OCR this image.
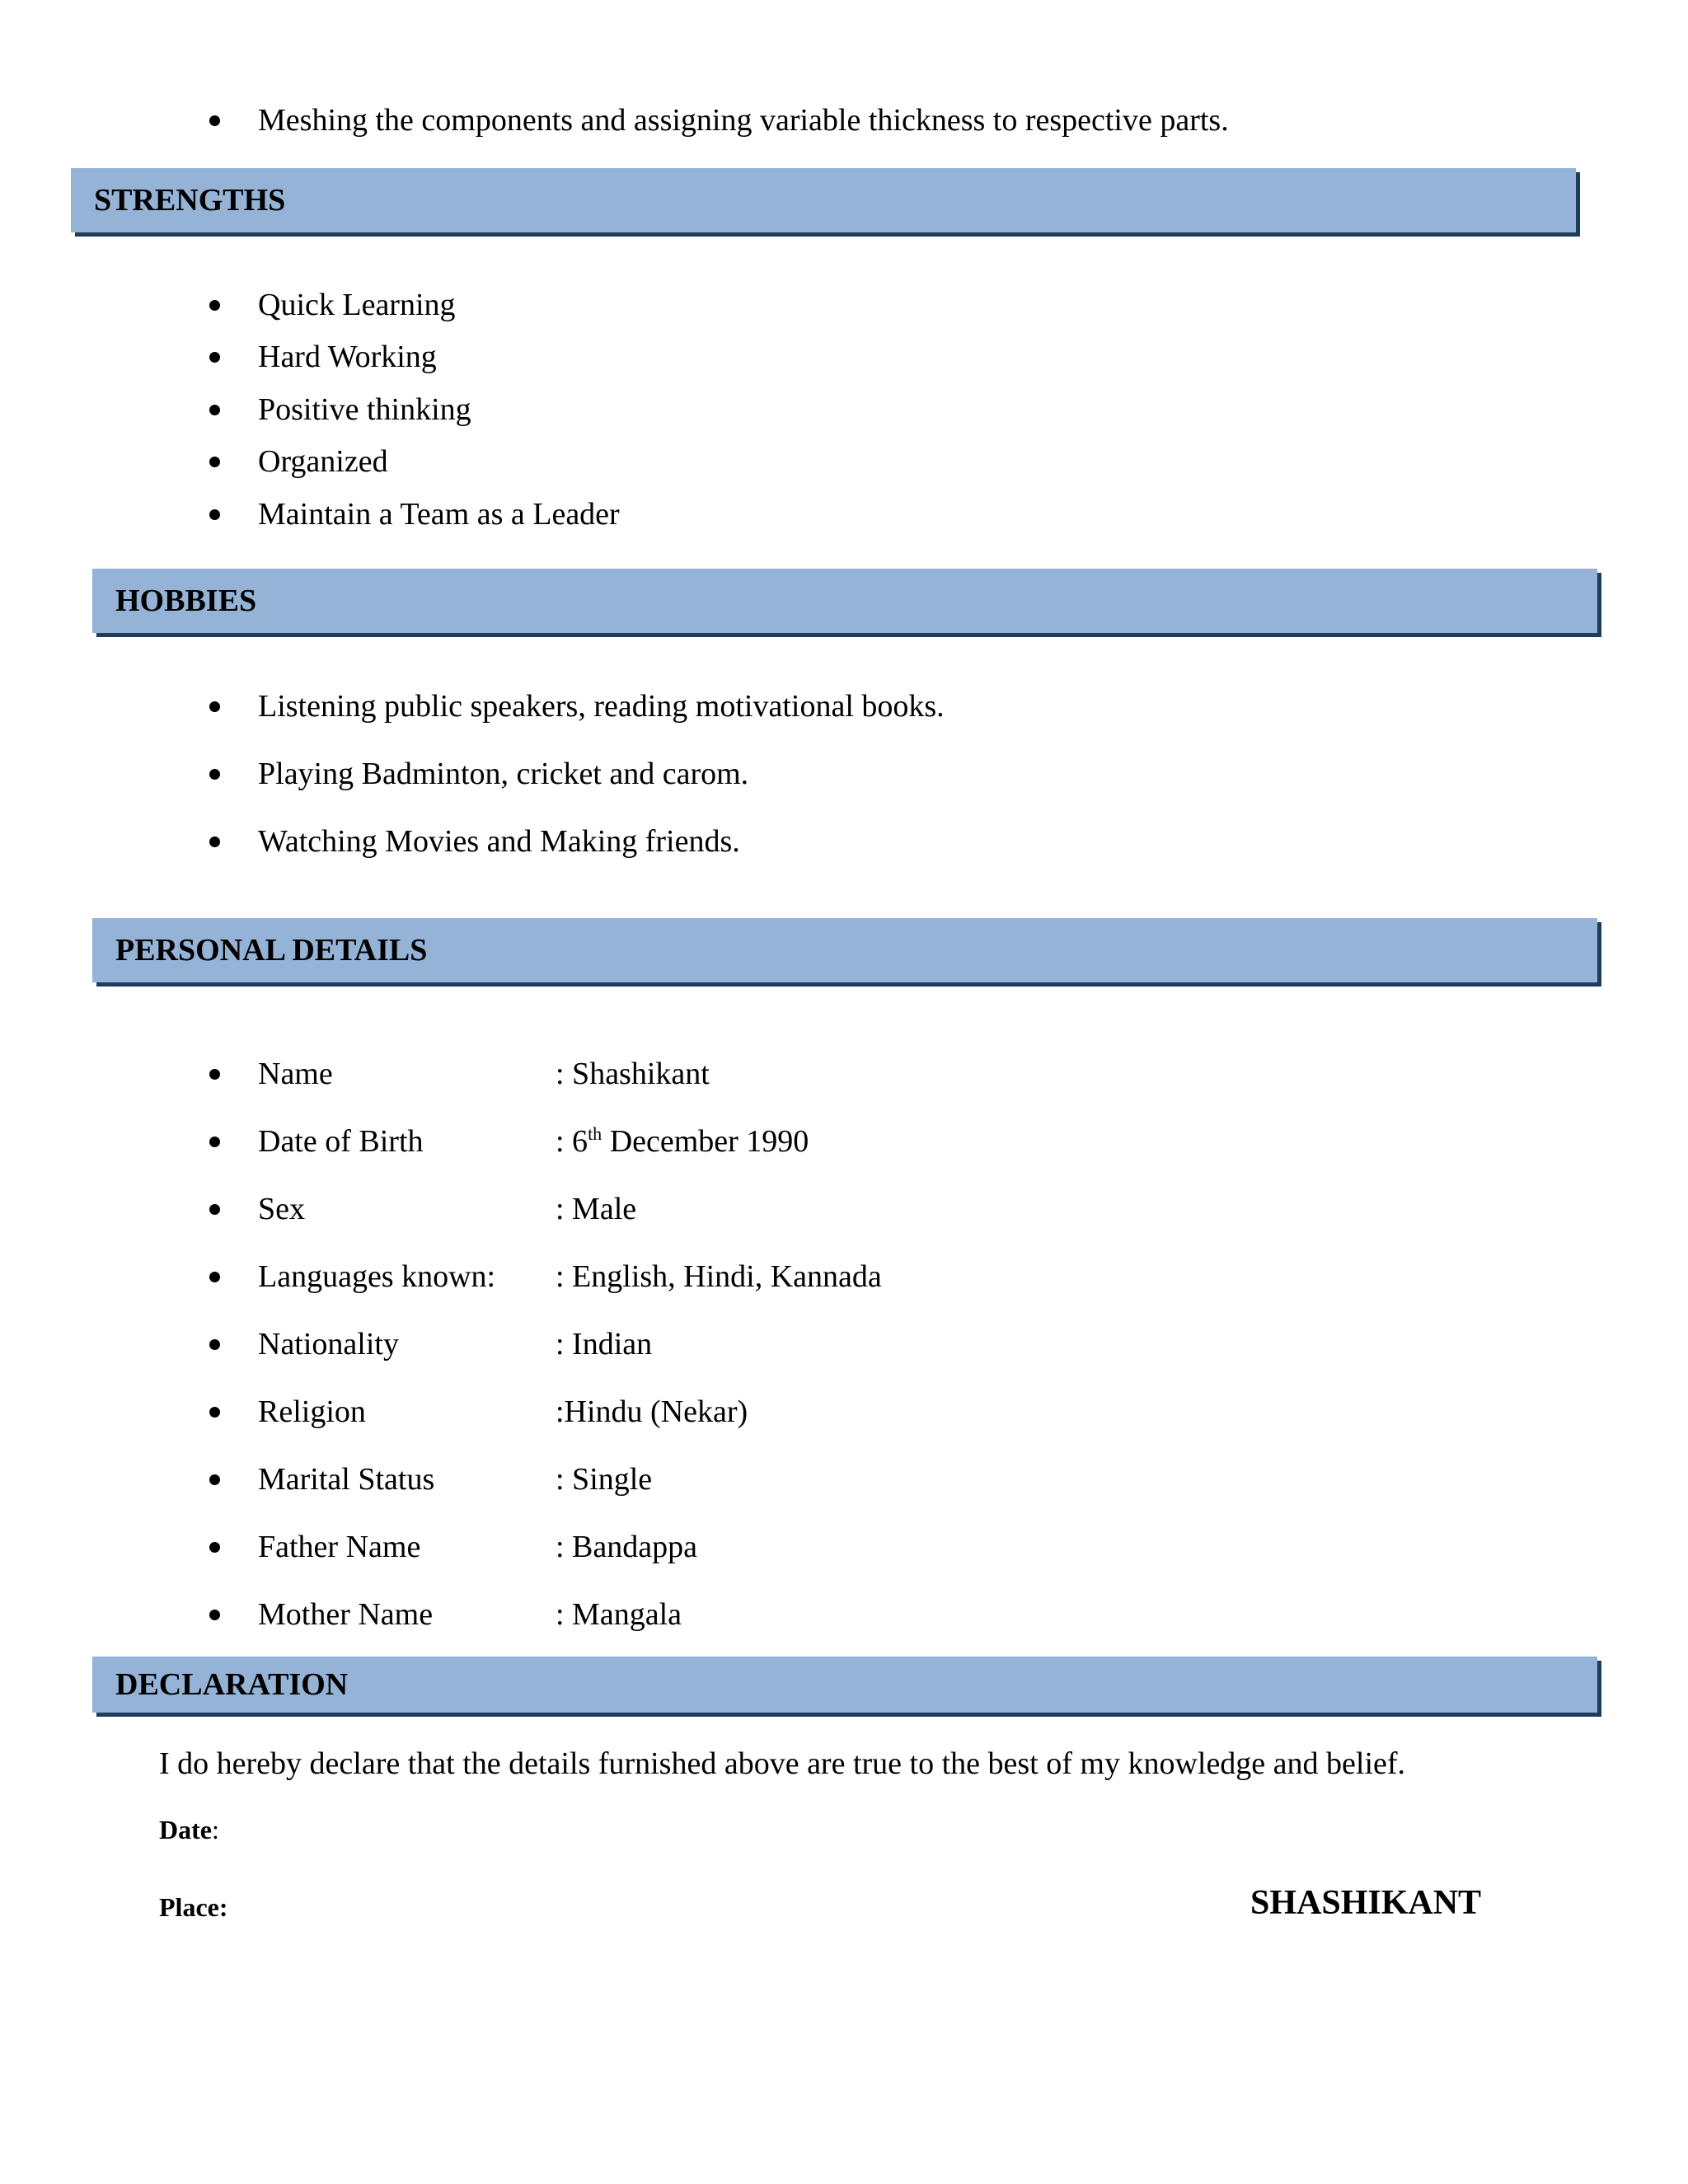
Meshing the components and assigning variable thickness to respective parts.
STRENGTHS
Quick Learning
Hard Working
Positive thinking
Organized
Maintain a Team as a Leader
HOBBIES
Listening public speakers, reading motivational books.
Playing Badminton, cricket and carom.
Watching Movies and Making friends.
PERSONAL DETAILS
Name	: Shashikant
Date of Birth	: 6th December 1990
Sex	: Male
Languages known: : English, Hindi, Kannada
Nationality	: Indian
Religion	:Hindu (Nekar)
Marital Status	: Single
Father Name	: Bandappa
Mother Name	: Mangala
DECLARATION
I do hereby declare that the details furnished above are true to the best of my knowledge and belief.
Date:
Place:	SHASHIKANT
